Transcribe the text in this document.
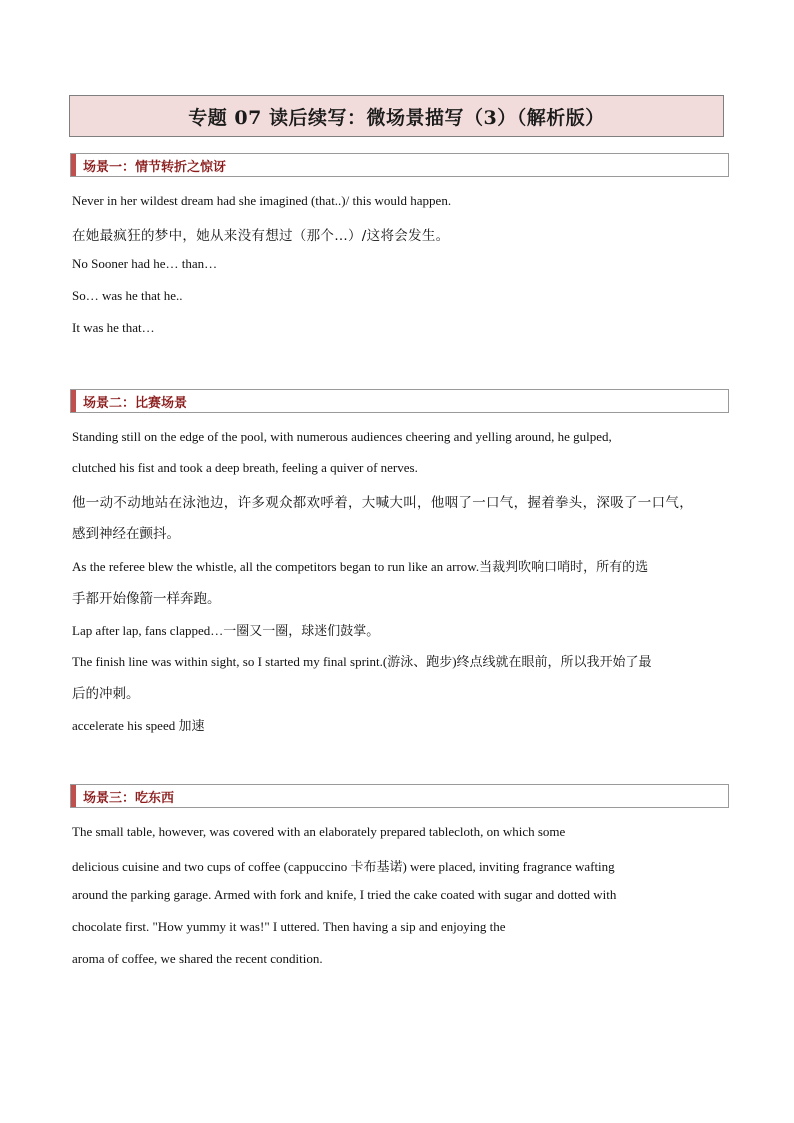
专题 07 读后续写：微场景描写（3）（解析版）
场景一：情节转折之惊讶
Never in her wildest dream had she imagined (that..)/ this would happen.
在她最疯狂的梦中，她从来没有想过（那个…）/这将会发生。
No Sooner had he… than…
So… was he that he..
It was he that…
场景二：比赛场景
Standing still on the edge of the pool, with numerous audiences cheering and yelling around, he gulped,
clutched his fist and took a deep breath, feeling a quiver of nerves.
他一动不动地站在泳池边，许多观众都欢呼着，大喊大叫，他咽了一口气，握着拳头，深吸了一口气，
感到神经在颤抖。
As the referee blew the whistle, all the competitors began to run like an arrow.当裁判吹响口哨时，所有的选
手都开始像箭一样奔跑。
Lap after lap, fans clapped…一圈又一圈，球迷们鼓掌。
The finish line was within sight, so I started my final sprint.(游泳、跑步)终点线就在眼前，所以我开始了最
后的冲刺。
accelerate his speed 加速
场景三：吃东西
The small table, however, was covered with an elaborately prepared tablecloth, on which some
delicious cuisine and two cups of coffee (cappuccino 卡布基诺) were placed, inviting fragrance wafting
around the parking garage. Armed with fork and knife, I tried the cake coated with sugar and dotted with
chocolate first. "How yummy it was!" I uttered. Then having a sip and enjoying the
aroma of coffee, we shared the recent condition.
